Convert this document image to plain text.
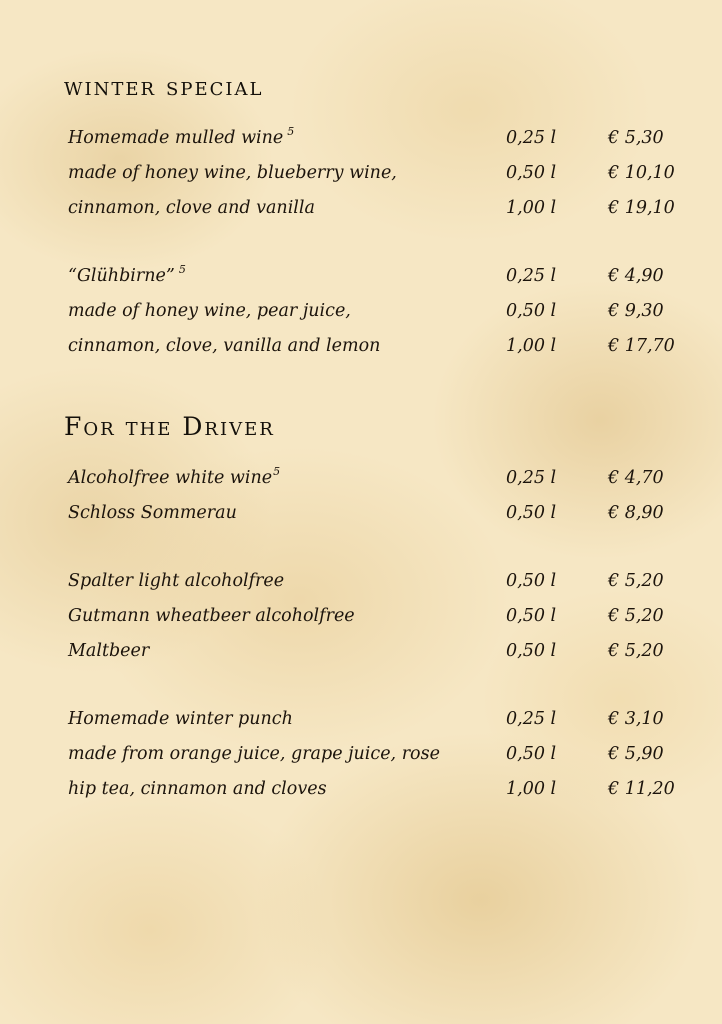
winter special
Homemade mulled wine $^5$	0,25 l	€ 5,30
made of honey wine, blueberry wine,	0,50 l	€ 10,10
cinnamon, clove and vanilla	1,00 l	€ 19,10
“Glühbirne” $^5$	0,25 l	€ 4,90
made of honey wine, pear juice,	0,50 l	€ 9,30
cinnamon, clove, vanilla and lemon	1,00 l	€ 17,70
For the Driver
Alcoholfree white wine$^5$	0,25 l	€ 4,70
Schloss Sommerau	0,50 l	€ 8,90
Spalter light alcoholfree	0,50 l	€ 5,20
Gutmann wheatbeer alcoholfree	0,50 l	€ 5,20
Maltbeer	0,50 l	€ 5,20
Homemade winter punch	0,25 l	€ 3,10
made from orange juice, grape juice, rose	0,50 l	€ 5,90
hip tea, cinnamon and cloves	1,00 l	€ 11,20
